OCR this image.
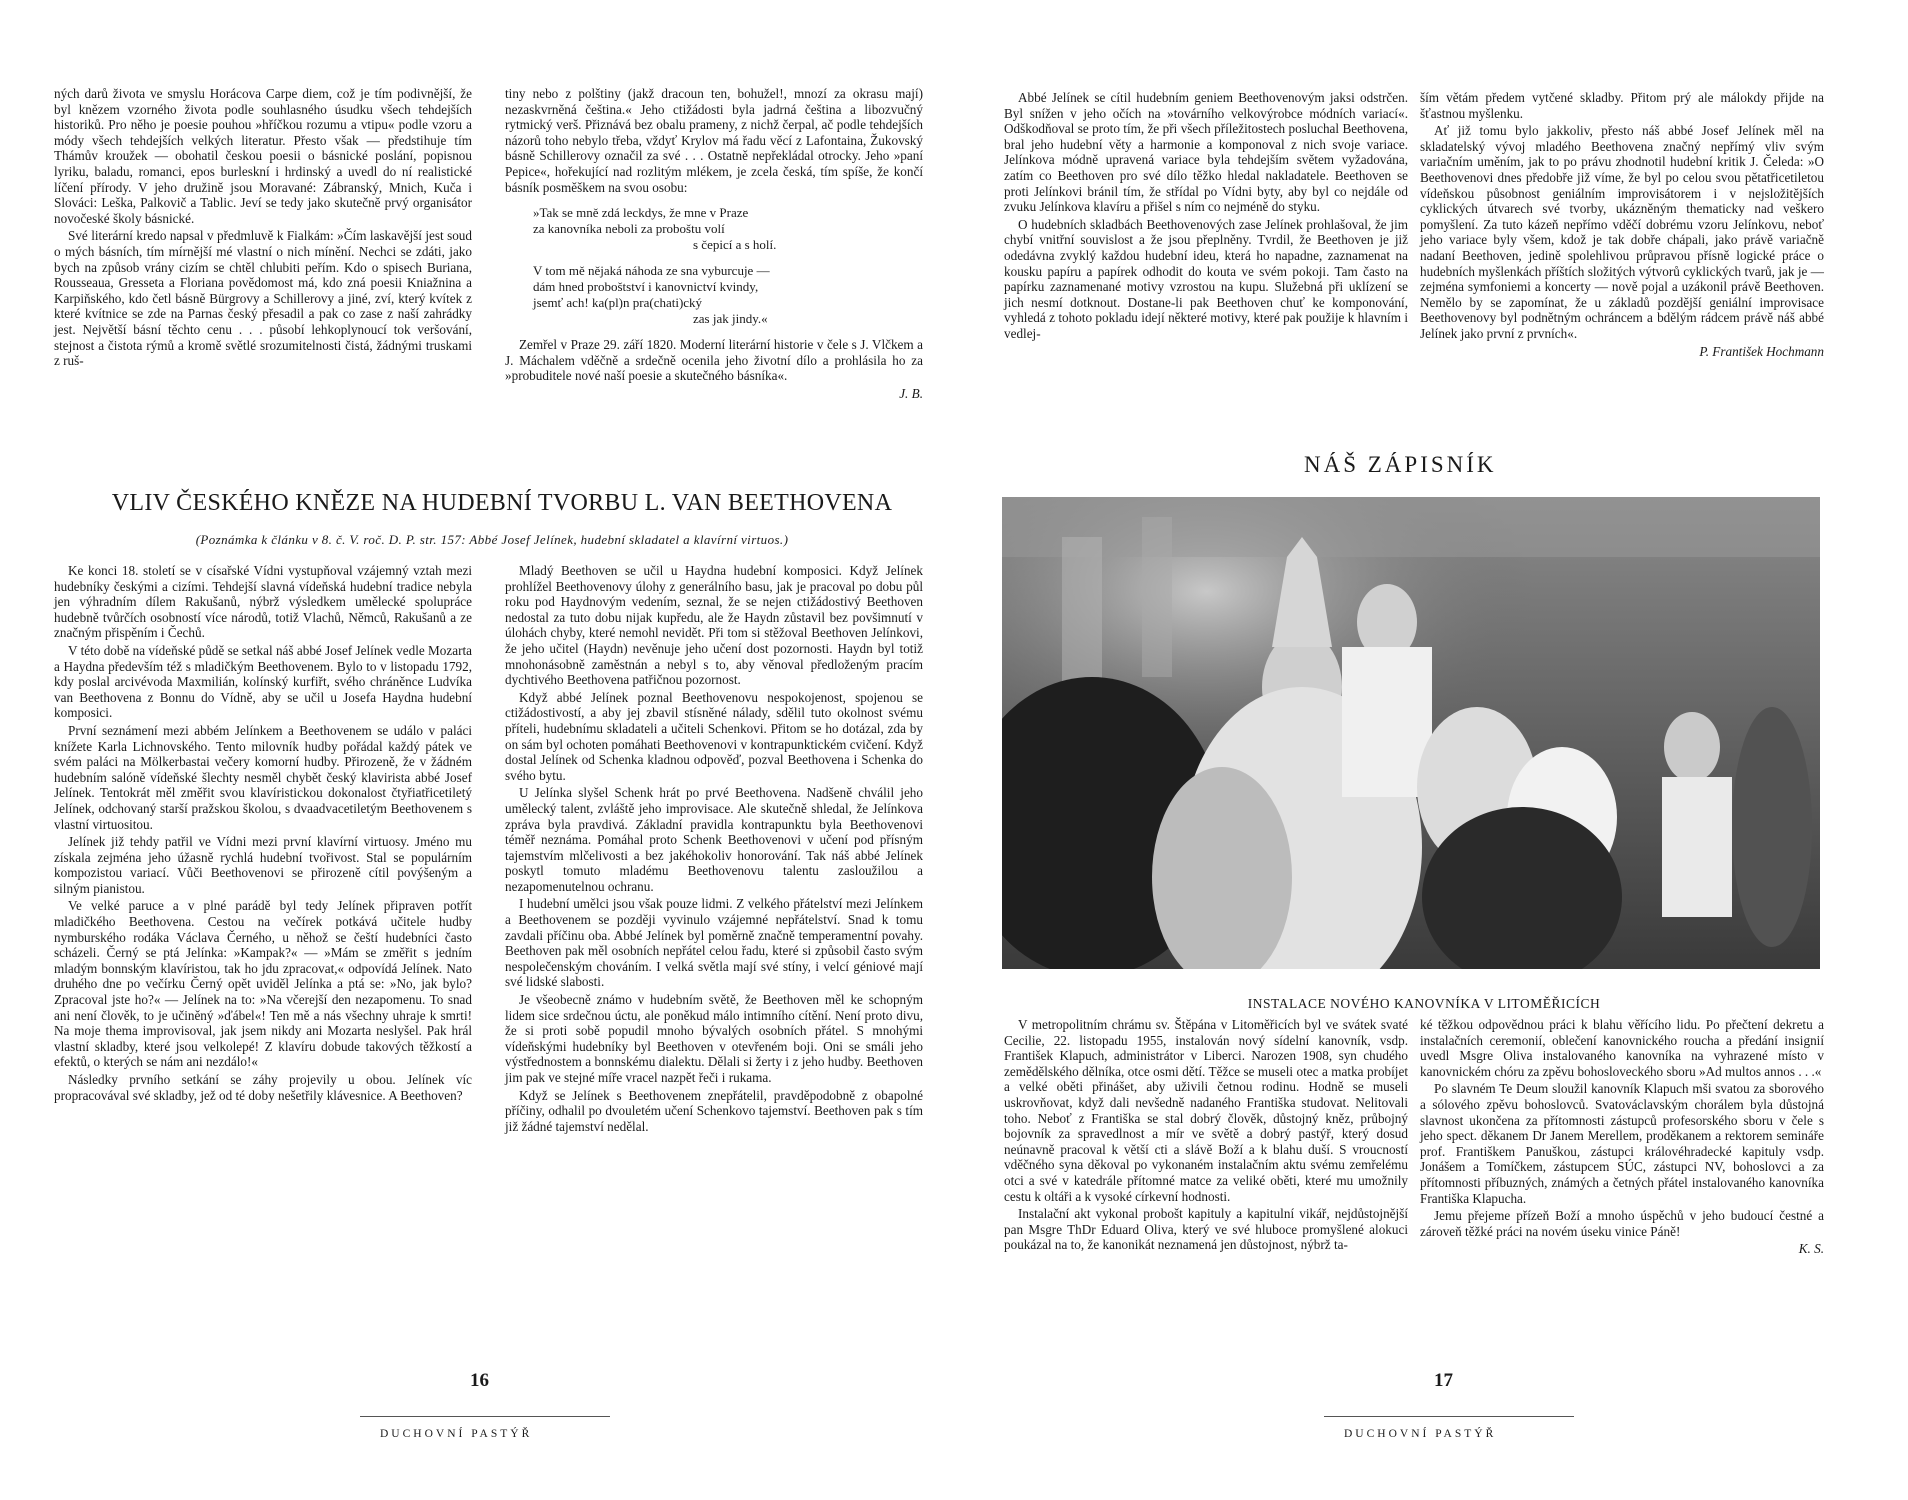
ných darů života ve smyslu Horácova Carpe diem, což je tím podivnější, že byl knězem vzorného života podle souhlasného úsudku všech tehdejších historiků. Pro něho je poesie pouhou »hříčkou rozumu a vtipu« podle vzoru a módy všech tehdejších velkých literatur. Přesto však — předstihuje tím Thámův kroužek — obohatil českou poesii o básnické poslání, popisnou lyriku, baladu, romanci, epos burleskní i hrdinský a uvedl do ní realistické líčení přírody. V jeho družině jsou Moravané: Zábranský, Mnich, Kuča i Slováci: Leška, Palkovič a Tablic. Jeví se tedy jako skutečně prvý organisátor novočeské školy básnické.

Své literární kredo napsal v předmluvě k Fialkám: »Čím laskavější jest soud o mých básních, tím mírnější mé vlastní o nich mínění. Nechci se zdáti, jako bych na způsob vrány cizím se chtěl chlubiti peřím. Kdo o spisech Buriana, Rousseaua, Gresseta a Floriana povědomost má, kdo zná poesii Kniažnina a Karpiňského, kdo četl básně Bürgrovy a Schillerovy a jiné, zví, který kvítek z které kvítnice se zde na Parnas český přesadil a pak co zase z naší zahrádky jest. Největší básní těchto cenu . . . působí lehkoplynoucí tok veršování, stejnost a čistota rýmů a kromě světlé srozumitelnosti čistá, žádnými truskami z ruš-

tiny nebo z polštiny (jakž dracoun ten, bohužel!, mnozí za okrasu mají) nezaskvrněná čeština.« Jeho ctižádosti byla jadrná čeština a libozvučný rytmický verš. Přiznává bez obalu prameny, z nichž čerpal, ač podle tehdejších názorů toho nebylo třeba, vždyť Krylov má řadu věcí z Lafontaina, Žukovský básně Schillerovy označil za své . . . Ostatně nepřekládal otrocky. Jeho »paní Pepice«, hořekující nad rozlitým mlékem, je zcela česká, tím spíše, že končí básník posměškem na svou osobu:

»Tak se mně zdá leckdys, že mne v Praze
za kanovníka neboli za proboštu volí
s čepicí a s holí.
V tom mě nějaká náhoda ze sna vyburcuje —
dám hned proboštství i kanovnictví kvindy,
jsemť ach! ka(pl)n pra(chati)cký
zas jak jindy.«

Zemřel v Praze 29. září 1820. Moderní literární historie v čele s J. Vlčkem a J. Máchalem vděčně a srdečně ocenila jeho životní dílo a prohlásila ho za »probuditele nové naší poesie a skutečného básníka«.

J. B.

VLIV ČESKÉHO KNĚZE NA HUDEBNÍ TVORBU L. VAN BEETHOVENA
(Poznámka k článku v 8. č. V. roč. D. P. str. 157: Abbé Josef Jelínek, hudební skladatel a klavírní virtuos.)

Ke konci 18. století se v císařské Vídni vystupňoval vzájemný vztah mezi hudebníky českými a cizími. Tehdejší slavná vídeňská hudební tradice nebyla jen výhradním dílem Rakušanů, nýbrž výsledkem umělecké spolupráce hudebně tvůrčích osobností více národů, totiž Vlachů, Němců, Rakušanů a ze značným přispěním i Čechů.

V této době na vídeňské půdě se setkal náš abbé Josef Jelínek vedle Mozarta a Haydna především též s mladičkým Beethovenem. Bylo to v listopadu 1792, kdy poslal arcivévoda Maxmilián, kolínský kurfiřt, svého chráněnce Ludvíka van Beethovena z Bonnu do Vídně, aby se učil u Josefa Haydna hudební komposici.

První seznámení mezi abbém Jelínkem a Beethovenem se událo v paláci knížete Karla Lichnovského. Tento milovník hudby pořádal každý pátek ve svém paláci na Mölkerbastai večery komorní hudby. Přirozeně, že v žádném hudebním salóně vídeňské šlechty nesměl chybět český klavirista abbé Josef Jelínek. Tentokrát měl změřit svou klavíristickou dokonalost čtyřiatřicetiletý Jelínek, odchovaný starší pražskou školou, s dvaadvacetiletým Beethovenem s vlastní virtuositou.

Jelínek již tehdy patřil ve Vídni mezi první klavírní virtuosy. Jméno mu získala zejména jeho úžasně rychlá hudební tvořivost. Stal se populárním kompozistou variací. Vůči Beethovenovi se přirozeně cítil povýšeným a silným pianistou.

Ve velké paruce a v plné parádě byl tedy Jelínek připraven potřít mladičkého Beethovena. Cestou na večírek potkává učitele hudby nymburského rodáka Václava Černého, u něhož se čeští hudebníci často scházeli. Černý se ptá Jelínka: »Kampak?« — »Mám se změřit s jedním mladým bonnským klavíristou, tak ho jdu zpracovat,« odpovídá Jelínek. Nato druhého dne po večírku Černý opět uviděl Jelínka a ptá se: »No, jak bylo? Zpracoval jste ho?« — Jelínek na to: »Na včerejší den nezapomenu. To snad ani není člověk, to je učiněný »ďábel«! Ten mě a nás všechny uhraje k smrti! Na moje thema improvisoval, jak jsem nikdy ani Mozarta neslyšel. Pak hrál vlastní skladby, které jsou velkolepé! Z klavíru dobude takových těžkostí a efektů, o kterých se nám ani nezdálo!«

Následky prvního setkání se záhy projevily u obou. Jelínek víc propracovával své skladby, jež od té doby nešetřily klávesnice. A Beethoven?

Mladý Beethoven se učil u Haydna hudební komposici. Když Jelínek prohlížel Beethovenovy úlohy z generálního basu, jak je pracoval po dobu půl roku pod Haydnovým vedením, seznal, že se nejen ctižádostivý Beethoven nedostal za tuto dobu nijak kupředu, ale že Haydn zůstavil bez povšimnutí v úlohách chyby, které nemohl nevidět. Při tom si stěžoval Beethoven Jelínkovi, že jeho učitel (Haydn) nevěnuje jeho učení dost pozornosti. Haydn byl totiž mnohonásobně zaměstnán a nebyl s to, aby věnoval předloženým pracím dychtivého Beethovena patřičnou pozornost.

Když abbé Jelínek poznal Beethovenovu nespokojenost, spojenou se ctižádostivostí, a aby jej zbavil stísněné nálady, sdělil tuto okolnost svému příteli, hudebnímu skladateli a učiteli Schenkovi. Přitom se ho dotázal, zda by on sám byl ochoten pomáhati Beethovenovi v kontrapunktickém cvičení. Když dostal Jelínek od Schenka kladnou odpověď, pozval Beethovena i Schenka do svého bytu.

U Jelínka slyšel Schenk hrát po prvé Beethovena. Nadšeně chválil jeho umělecký talent, zvláště jeho improvisace. Ale skutečně shledal, že Jelínkova zpráva byla pravdivá. Základní pravidla kontrapunktu byla Beethovenovi téměř neznáma. Pomáhal proto Schenk Beethovenovi v učení pod přísným tajemstvím mlčelivosti a bez jakéhokoliv honorování. Tak náš abbé Jelínek poskytl tomuto mladému Beethovenovu talentu zasloužilou a nezapomenutelnou ochranu.

I hudební umělci jsou však pouze lidmi. Z velkého přátelství mezi Jelínkem a Beethovenem se později vyvinulo vzájemné nepřátelství. Snad k tomu zavdali příčinu oba. Abbé Jelínek byl poměrně značně temperamentní povahy. Beethoven pak měl osobních nepřátel celou řadu, které si způsobil často svým nespolečenským chováním. I velká světla mají své stíny, i velcí géniové mají své lidské slabosti.

Je všeobecně známo v hudebním světě, že Beethoven měl ke schopným lidem sice srdečnou úctu, ale poněkud málo intimního cítění. Není proto divu, že si proti sobě popudil mnoho bývalých osobních přátel. S mnohými vídeňskými hudebníky byl Beethoven v otevřeném boji. Oni se smáli jeho výstřednostem a bonnskému dialektu. Dělali si žerty i z jeho hudby. Beethoven jim pak ve stejné míře vracel nazpět řeči i rukama.

Když se Jelínek s Beethovenem znepřátelil, pravděpodobně z obapolné příčiny, odhalil po dvouletém učení Schenkovo tajemství. Beethoven pak s tím již žádné tajemství nedělal.

16
DUCHOVNÍ PASTÝŘ

Abbé Jelínek se cítil hudebním geniem Beethovenovým jaksi odstrčen. Byl snížen v jeho očích na »továrního velkovýrobce módních variací«. Odškodňoval se proto tím, že při všech příležitostech posluchal Beethovena, bral jeho hudební věty a harmonie a komponoval z nich svoje variace. Jelínkova módně upravená variace byla tehdejším světem vyžadována, zatím co Beethoven pro své dílo těžko hledal nakladatele. Beethoven se proti Jelínkovi bránil tím, že střídal po Vídni byty, aby byl co nejdále od zvuku Jelínkova klavíru a přišel s ním co nejméně do styku.

O hudebních skladbách Beethovenových zase Jelínek prohlašoval, že jim chybí vnitřní souvislost a že jsou přeplněny. Tvrdil, že Beethoven je již odedávna zvyklý každou hudební ideu, která ho napadne, zaznamenat na kousku papíru a papírek odhodit do kouta ve svém pokoji. Tam často na papírku zaznamenané motivy vzrostou na kupu. Služebná při uklízení se jich nesmí dotknout. Dostane-li pak Beethoven chuť ke komponování, vyhledá z tohoto pokladu idejí některé motivy, které pak použije k hlavním i vedlej-

ším větám předem vytčené skladby. Přitom prý ale málokdy přijde na šťastnou myšlenku.

Ať již tomu bylo jakkoliv, přesto náš abbé Josef Jelínek měl na skladatelský vývoj mladého Beethovena značný nepřímý vliv svým variačním uměním, jak to po právu zhodnotil hudební kritik J. Čeleda: »O Beethovenovi dnes předobře již víme, že byl po celou svou pětatřicetiletou vídeňskou působnost geniálním improvisátorem i v nejsložitějších cyklických útvarech své tvorby, ukázněným thematicky nad veškero pomyšlení. Za tuto kázeň nepřímo vděčí dobrému vzoru Jelínkovu, neboť jeho variace byly všem, kdož je tak dobře chápali, jako právě variačně nadaní Beethoven, jedině spolehlivou průpravou přísně logické práce o hudebních myšlenkách příštích složitých výtvorů cyklických tvarů, jak je — zejména symfoniemi a koncerty — nově pojal a uzákonil právě Beethoven. Nemělo by se zapomínat, že u základů pozdější geniální improvisace Beethovenovy byl podnětným ochráncem a bdělým rádcem právě náš abbé Jelínek jako první z prvních«.

P. František Hochmann

NÁŠ ZÁPISNÍK
INSTALACE NOVÉHO KANOVNÍKA V LITOMĚŘICÍCH

V metropolitním chrámu sv. Štěpána v Litoměřicích byl ve svátek svaté Cecilie, 22. listopadu 1955, instalován nový sídelní kanovník, vsdp. František Klapuch, administrátor v Liberci. Narozen 1908, syn chudého zemědělského dělníka, otce osmi dětí. Těžce se museli otec a matka probíjet a velké oběti přinášet, aby uživili četnou rodinu. Hodně se museli uskrovňovat, když dali nevšedně nadaného Františka studovat. Nelitovali toho. Neboť z Františka se stal dobrý člověk, důstojný kněz, průbojný bojovník za spravedlnost a mír ve světě a dobrý pastýř, který dosud neúnavně pracoval k větší cti a slávě Boží a k blahu duší. S vroucností vděčného syna děkoval po vykonaném instalačním aktu svému zemřelému otci a své v katedrále přítomné matce za veliké oběti, které mu umožnily cestu k oltáři a k vysoké církevní hodnosti.

Instalační akt vykonal probošt kapituly a kapitulní vikář, nejdůstojnější pan Msgre ThDr Eduard Oliva, který ve své hluboce promyšlené alokuci poukázal na to, že kanonikát neznamená jen důstojnost, nýbrž ta-

ké těžkou odpovědnou práci k blahu věřícího lidu. Po přečtení dekretu a instalačních ceremonií, oblečení kanovnického roucha a předání insignií uvedl Msgre Oliva instalovaného kanovníka na vyhrazené místo v kanovnickém chóru za zpěvu bohosloveckého sboru »Ad multos annos . . .«

Po slavném Te Deum sloužil kanovník Klapuch mši svatou za sborového a sólového zpěvu bohoslovců. Svatováclavským chorálem byla důstojná slavnost ukončena za přítomnosti zástupců profesorského sboru v čele s jeho spect. děkanem Dr Janem Merellem, proděkanem a rektorem semináře prof. Františkem Panuškou, zástupci královéhradecké kapituly vsdp. Jonášem a Tomíčkem, zástupcem SÚC, zástupci NV, bohoslovci a za přítomnosti příbuzných, známých a četných přátel instalovaného kanovníka Františka Klapucha.

Jemu přejeme přízeň Boží a mnoho úspěchů v jeho budoucí čestné a zároveň těžké práci na novém úseku vinice Páně!

K. S.

17
DUCHOVNÍ PASTÝŘ
